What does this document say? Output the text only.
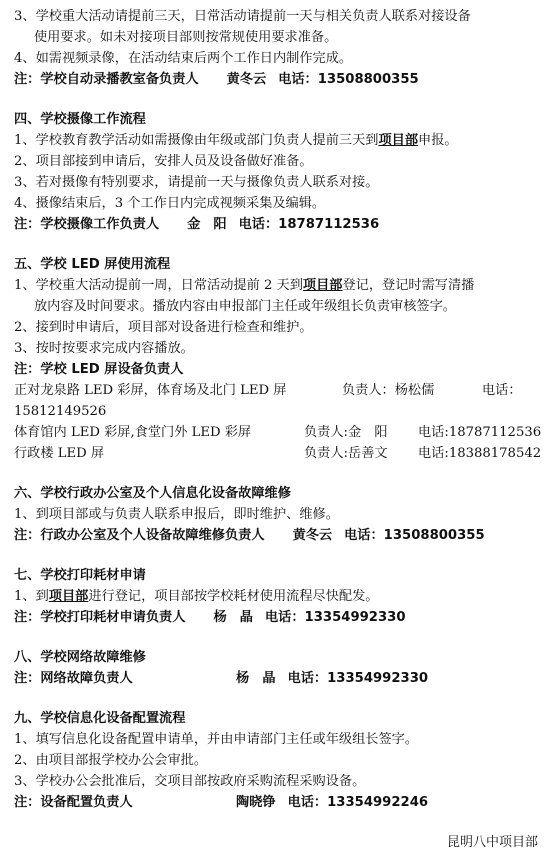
3、学校重大活动请提前三天，日常活动请提前一天与相关负责人联系对接设备
使用要求。如未对接项目部则按常规使用要求准备。
4、如需视频录像，在活动结束后两个工作日内制作完成。
注：学校自动录播教室备负责人 黄冬云 电话：13508800355
四、学校摄像工作流程
1、学校教育教学活动如需摄像由年级或部门负责人提前三天到项目部申报。
2、项目部接到申请后，安排人员及设备做好准备。
3、若对摄像有特别要求，请提前一天与摄像负责人联系对接。
4、摄像结束后，3 个工作日内完成视频采集及编辑。
注：学校摄像工作负责人 金　阳 电话：18787112536
五、学校 LED 屏使用流程
1、学校重大活动提前一周，日常活动提前 2 天到项目部登记，登记时需写清播
放内容及时间要求。播放内容由申报部门主任或年级组长负责审核签字。
2、接到时申请后，项目部对设备进行检查和维护。
3、按时按要求完成内容播放。
注：学校 LED 屏设备负责人
正对龙泉路 LED 彩屏，体育场及北门 LED 屏	负责人：杨松儒	电话：
15812149526
体育馆内 LED 彩屏,食堂门外 LED 彩屏	负责人:金　阳	电话:18787112536
行政楼 LED 屏	负责人:岳善文	电话:18388178542
六、学校行政办公室及个人信息化设备故障维修
1、到项目部或与负责人联系申报后，即时维护、维修。
注：行政办公室及个人设备故障维修负责人 黄冬云 电话：13508800355
七、学校打印耗材申请
1、到项目部进行登记，项目部按学校耗材使用流程尽快配发。
注：学校打印耗材申请负责人 杨　晶 电话：13354992330
八、学校网络故障维修
注：网络故障负责人	杨　晶 电话：13354992330
九、学校信息化设备配置流程
1、填写信息化设备配置申请单，并由申请部门主任或年级组长签字。
2、由项目部报学校办公会审批。
3、学校办公会批准后，交项目部按政府采购流程采购设备。
注：设备配置负责人	陶晓铮 电话：13354992246
昆明八中项目部
